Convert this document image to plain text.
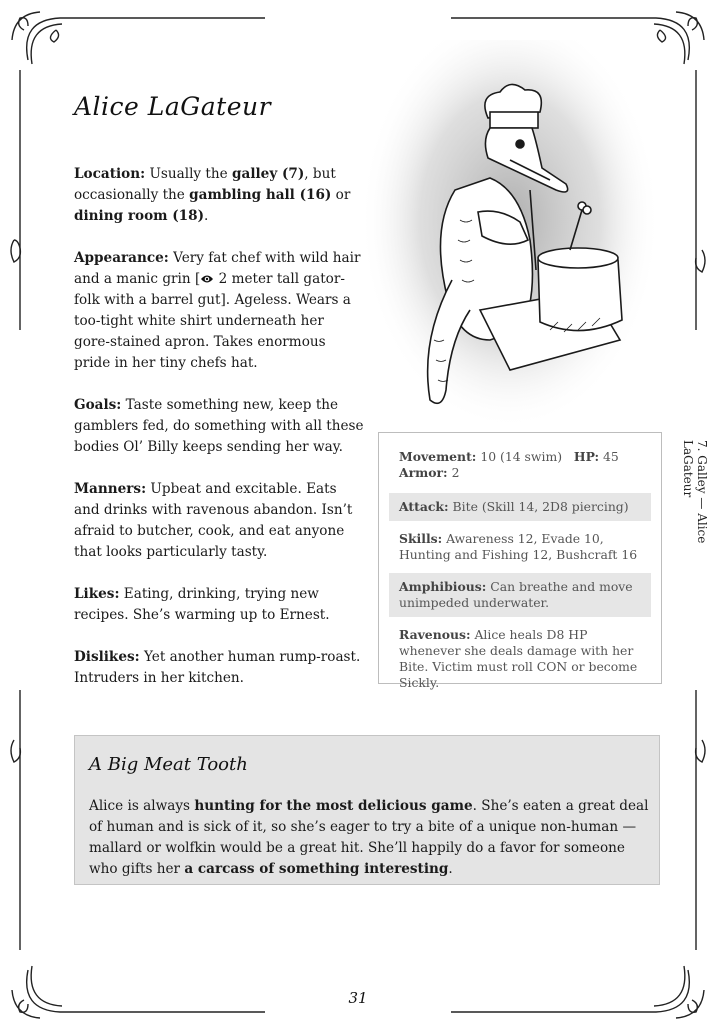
Alice LaGateur

Location: Usually the galley (7), but occasionally the gambling hall (16) or dining room (18).

Appearance: Very fat chef with wild hair and a manic grin [ 2 meter tall gator-folk with a barrel gut]. Ageless. Wears a too-tight white shirt underneath her gore-stained apron. Takes enormous pride in her tiny chefs hat.

Goals: Taste something new, keep the gamblers fed, do something with all these bodies Ol’ Billy keeps sending her way.

Manners: Upbeat and excitable. Eats and drinks with ravenous abandon. Isn’t afraid to butcher, cook, and eat anyone that looks particularly tasty.

Likes: Eating, drinking, trying new recipes. She’s warming up to Ernest.

Dislikes: Yet another human rump-roast. Intruders in her kitchen.

Movement: 10 (14 swim) HP: 45
Armor: 2
Attack: Bite (Skill 14, 2D8 piercing)
Skills: Awareness 12, Evade 10, Hunting and Fishing 12, Bushcraft 16
Amphibious: Can breathe and move unimpeded underwater.
Ravenous: Alice heals D8 HP whenever she deals damage with her Bite. Victim must roll CON or become Sickly.
7. Galley — Alice LaGateur
A Big Meat Tooth
Alice is always hunting for the most delicious game. She’s eaten a great deal of human and is sick of it, so she’s eager to try a bite of a unique non-human — mallard or wolfkin would be a great hit. She’ll happily do a favor for someone who gifts her a carcass of something interesting.
31
